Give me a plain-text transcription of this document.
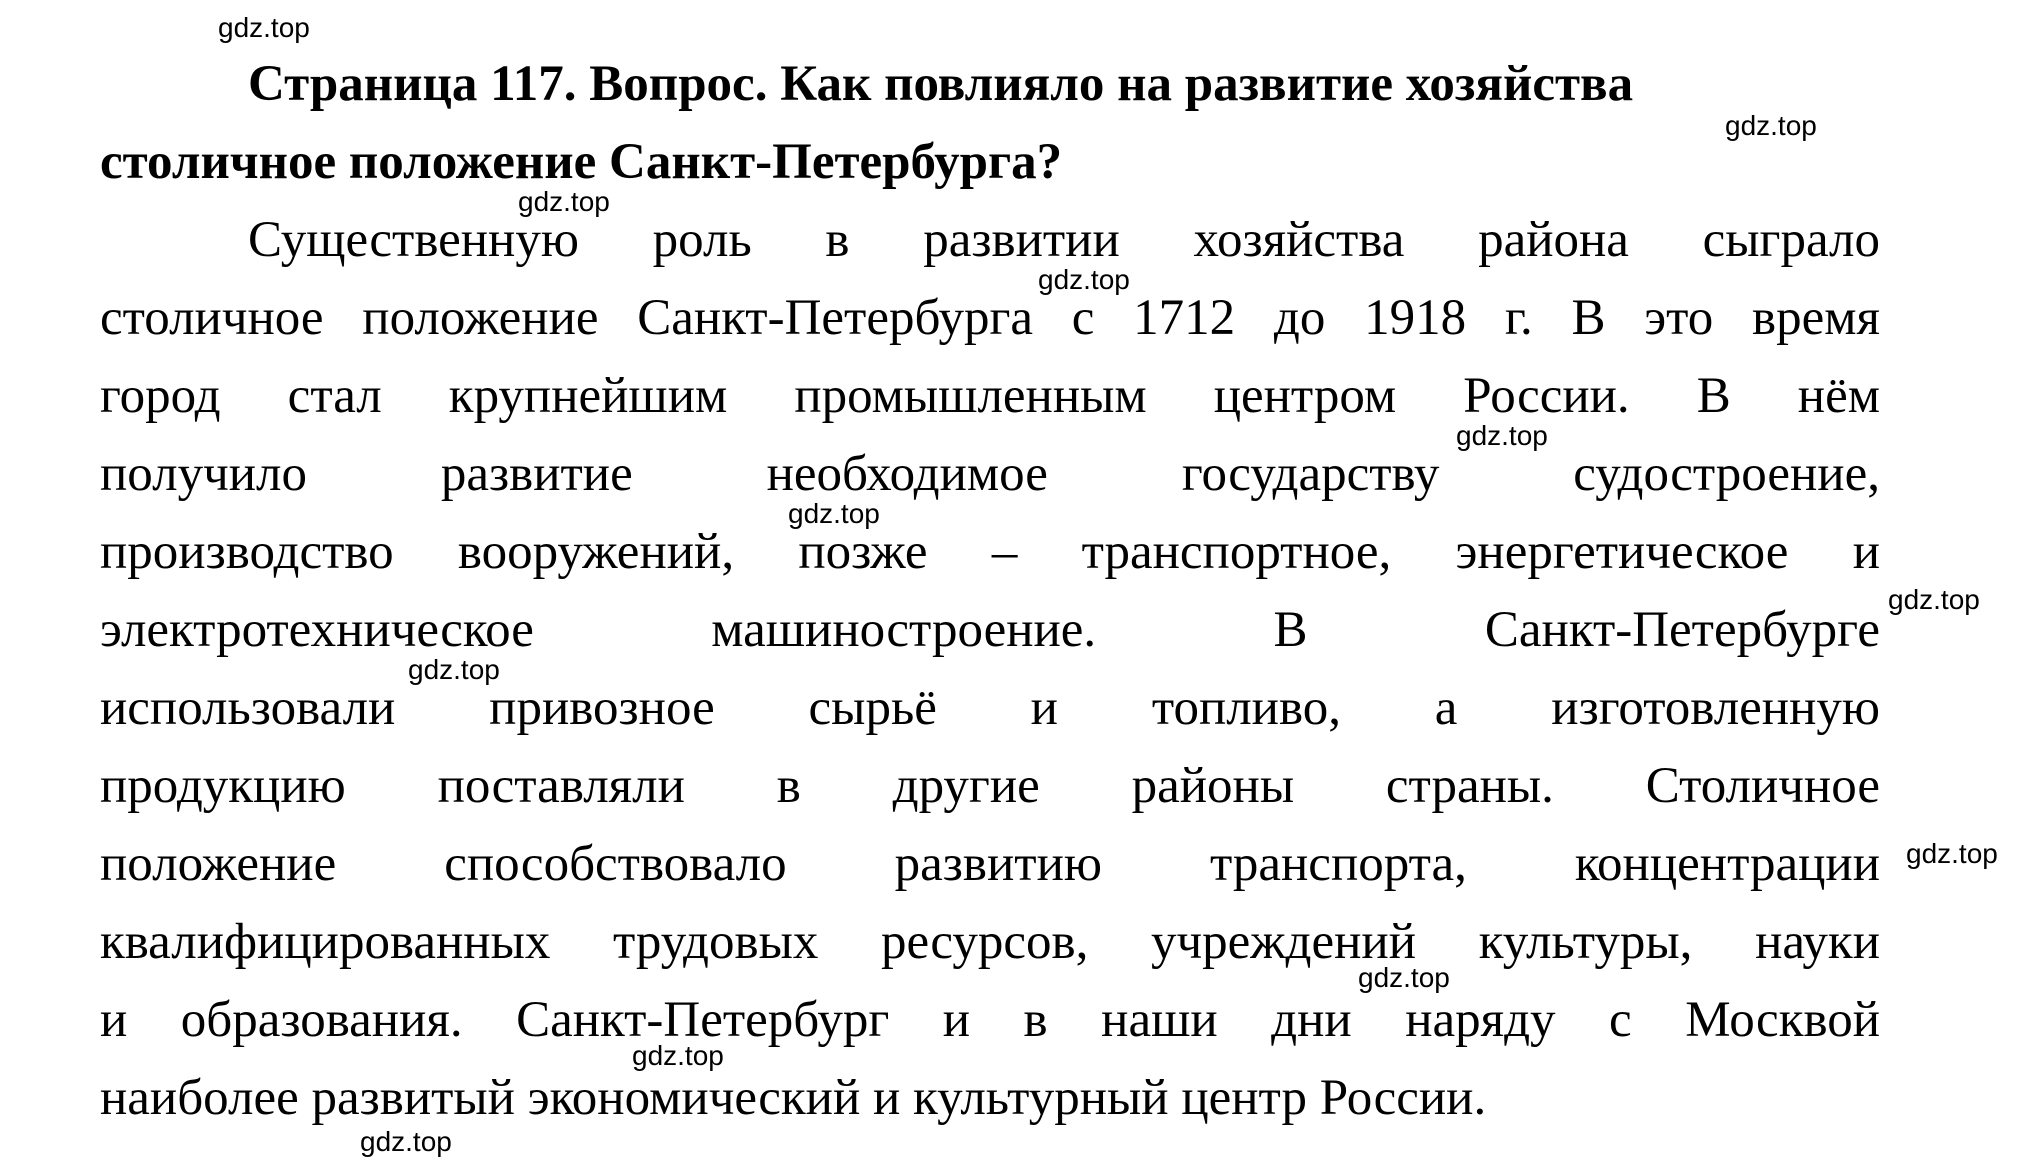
Страница 117. Вопрос. Как повлияло на развитие хозяйства
столичное положение Санкт-Петербурга?
Существенную роль в развитии хозяйства района сыграло
столичное положение Санкт-Петербурга с 1712 до 1918 г. В это время
город стал крупнейшим промышленным центром России. В нём
получило развитие необходимое государству судостроение,
производство вооружений, позже – транспортное, энергетическое и
электротехническое машиностроение. В Санкт-Петербурге
использовали привозное сырьё и топливо, а изготовленную
продукцию поставляли в другие районы страны. Столичное
положение способствовало развитию транспорта, концентрации
квалифицированных трудовых ресурсов, учреждений культуры, науки
и образования. Санкт-Петербург и в наши дни наряду с Москвой
наиболее развитый экономический и культурный центр России.
gdz.top
gdz.top
gdz.top
gdz.top
gdz.top
gdz.top
gdz.top
gdz.top
gdz.top
gdz.top
gdz.top
gdz.top
